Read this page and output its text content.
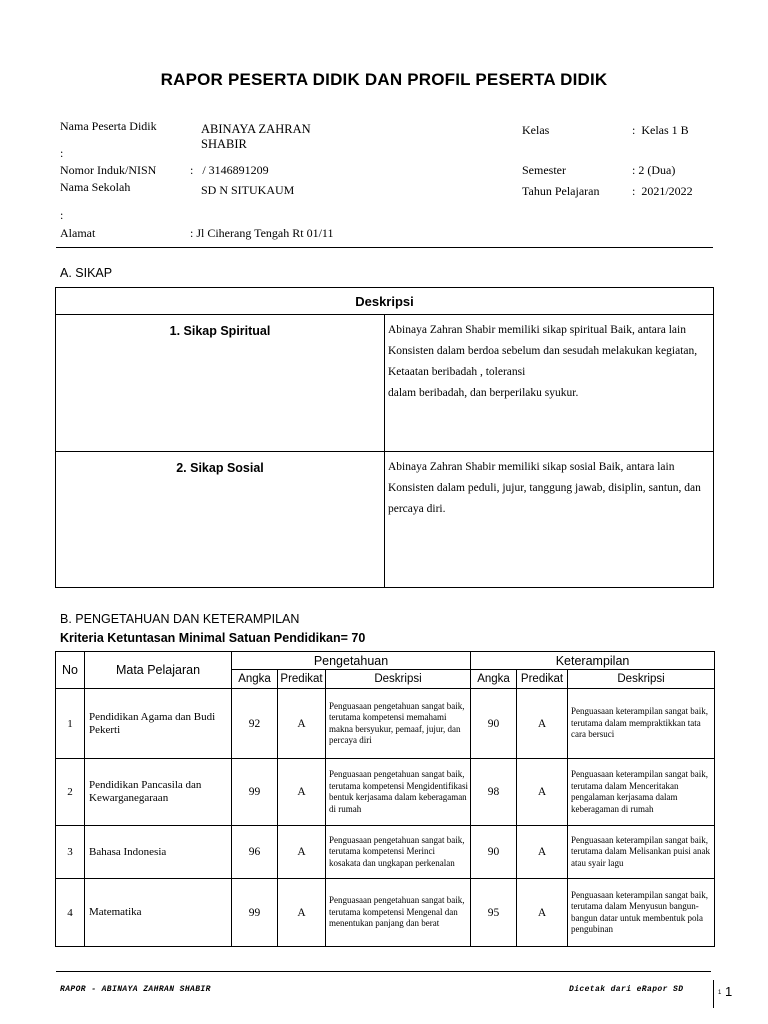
RAPOR PESERTA DIDIK DAN PROFIL PESERTA DIDIK
Nama Peserta Didik	ABINAYA ZAHRAN
SHABIR
:
Nomor Induk/NISN	:   / 3146891209
Nama Sekolah	SD N SITUKAUM
:
Alamat	: Jl Ciherang Tengah Rt 01/11
Kelas	:  Kelas 1 B
Semester	: 2 (Dua)
Tahun Pelajaran	:  2021/2022
A. SIKAP
Deskripsi	
1. Sikap Spiritual	Abinaya Zahran Shabir memiliki sikap spiritual Baik, antara lain

Konsisten dalam berdoa sebelum dan sesudah melakukan kegiatan, Ketaatan beribadah , toleransi

dalam beribadah, dan berperilaku syukur.

2. Sikap Sosial	Abinaya Zahran Shabir memiliki sikap sosial Baik, antara lain

Konsisten dalam peduli, jujur, tanggung jawab, disiplin, santun, dan percaya diri.

B. PENGETAHUAN DAN KETERAMPILAN
Kriteria Ketuntasan Minimal Satuan Pendidikan= 70
No	Mata Pelajaran	Pengetahuan			Keterampilan		
		Angka	Predikat	Deskripsi	Angka	Predikat	Deskripsi
1	Pendidikan Agama dan Budi Pekerti	92	A	Penguasaan pengetahuan sangat baik, terutama kompetensi memahami makna bersyukur, pemaaf, jujur, dan percaya diri	90	A	Penguasaan keterampilan sangat baik, terutama dalam mempraktikkan tata cara bersuci
2	Pendidikan Pancasila dan Kewarganegaraan	99	A	Penguasaan pengetahuan sangat baik, terutama kompetensi Mengidentifikasi bentuk kerjasama dalam keberagaman di rumah	98	A	Penguasaan keterampilan sangat baik, terutama dalam Menceritakan pengalaman kerjasama dalam keberagaman di rumah
3	Bahasa Indonesia	96	A	Penguasaan pengetahuan sangat baik, terutama kompetensi Merinci kosakata dan ungkapan perkenalan	90	A	Penguasaan keterampilan sangat baik, terutama dalam Melisankan puisi anak atau syair lagu
4	Matematika	99	A	Penguasaan pengetahuan sangat baik, terutama kompetensi Mengenal dan menentukan panjang dan berat	95	A	Penguasaan keterampilan sangat baik, terutama dalam Menyusun bangun-bangun datar untuk membentuk pola pengubinan
RAPOR - ABINAYA ZAHRAN SHABIR	Dicetak dari eRapor SD	1 1
